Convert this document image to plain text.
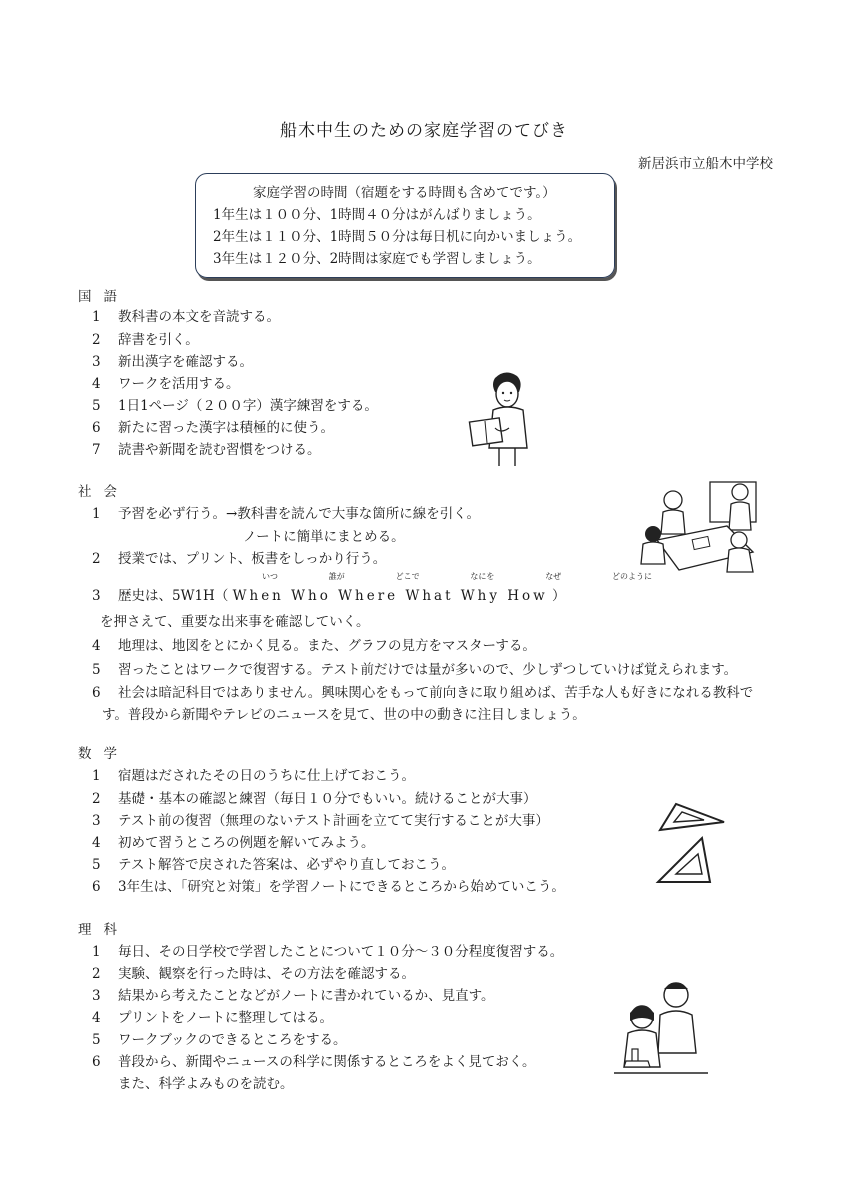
船木中生のための家庭学習のてびき
新居浜市立船木中学校
家庭学習の時間（宿題をする時間も含めてです。）
1年生は１００分、1時間４０分はがんばりましょう。
2年生は１１０分、1時間５０分は毎日机に向かいましょう。
3年生は１２０分、2時間は家庭でも学習しましょう。
国語
1 教科書の本文を音読する。
2 辞書を引く。
3 新出漢字を確認する。
4 ワークを活用する。
5 1日1ページ（２００字）漢字練習をする。
6 新たに習った漢字は積極的に使う。
7 読書や新聞を読む習慣をつける。
社会
1 予習を必ず行う。→教科書を読んで大事な箇所に線を引く。
ノートに簡単にまとめる。
2 授業では、プリント、板書をしっかり行う。
いつ	誰が	どこで	なにを	なぜ	どのように
3 歴史は、5W1H（ When Who Where What Why How ）
を押さえて、重要な出来事を確認していく。
4 地理は、地図をとにかく見る。また、グラフの見方をマスターする。
5 習ったことはワークで復習する。テスト前だけでは量が多いので、少しずつしていけば覚えられます。
6 社会は暗記科目ではありません。興味関心をもって前向きに取り組めば、苦手な人も好きになれる教科で
す。普段から新聞やテレビのニュースを見て、世の中の動きに注目しましょう。
数学
1 宿題はだされたその日のうちに仕上げておこう。
2 基礎・基本の確認と練習（毎日１０分でもいい。続けることが大事）
3 テスト前の復習（無理のないテスト計画を立てて実行することが大事）
4 初めて習うところの例題を解いてみよう。
5 テスト解答で戻された答案は、必ずやり直しておこう。
6 3年生は、「研究と対策」を学習ノートにできるところから始めていこう。
理科
1 毎日、その日学校で学習したことについて１０分～３０分程度復習する。
2 実験、観察を行った時は、その方法を確認する。
3 結果から考えたことなどがノートに書かれているか、見直す。
4 プリントをノートに整理してはる。
5 ワークブックのできるところをする。
6 普段から、新聞やニュースの科学に関係するところをよく見ておく。
また、科学よみものを読む。
